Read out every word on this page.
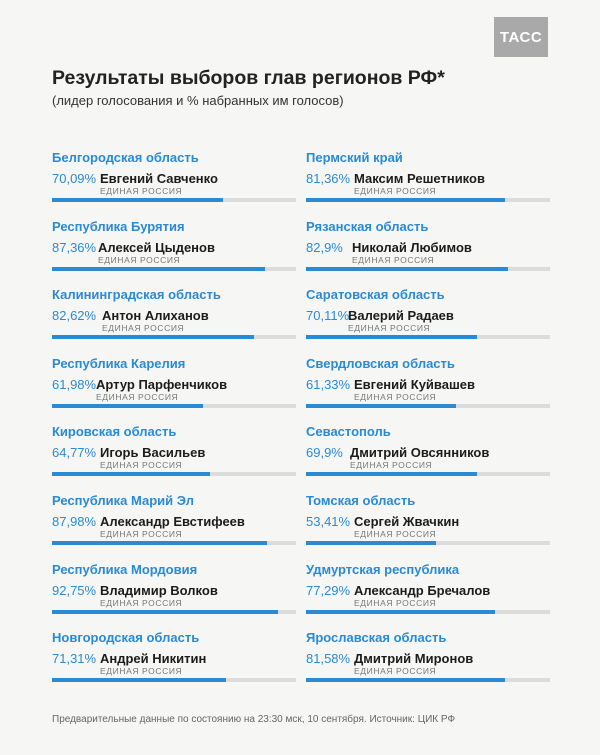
ТАСС
Результаты выборов глав регионов РФ*
(лидер голосования и % набранных им голосов)
Белгородская область
70,09% Евгений Савченко
ЕДИНАЯ РОССИЯ
Республика Бурятия
87,36% Алексей Цыденов
ЕДИНАЯ РОССИЯ
Калининградская область
82,62% Антон Алиханов
ЕДИНАЯ РОССИЯ
Республика Карелия
61,98% Артур Парфенчиков
ЕДИНАЯ РОССИЯ
Кировская область
64,77% Игорь Васильев
ЕДИНАЯ РОССИЯ
Республика Марий Эл
87,98% Александр Евстифеев
ЕДИНАЯ РОССИЯ
Республика Мордовия
92,75% Владимир Волков
ЕДИНАЯ РОССИЯ
Новгородская область
71,31% Андрей Никитин
ЕДИНАЯ РОССИЯ
Пермский край
81,36% Максим Решетников
ЕДИНАЯ РОССИЯ
Рязанская область
82,9% Николай Любимов
ЕДИНАЯ РОССИЯ
Саратовская область
70,11%
Валерий Радаев
ЕДИНАЯ РОССИЯ
Свердловская область
61,33% Евгений Куйвашев
ЕДИНАЯ РОССИЯ
Севастополь
69,9% Дмитрий Овсянников
ЕДИНАЯ РОССИЯ
Томская область
53,41% Сергей Жвачкин
ЕДИНАЯ РОССИЯ
Удмуртская республика
77,29% Александр Бречалов
ЕДИНАЯ РОССИЯ
Ярославская область
81,58% Дмитрий Миронов
ЕДИНАЯ РОССИЯ
Предварительные данные по состоянию на 23:30 мск, 10 сентября. Источник: ЦИК РФ
